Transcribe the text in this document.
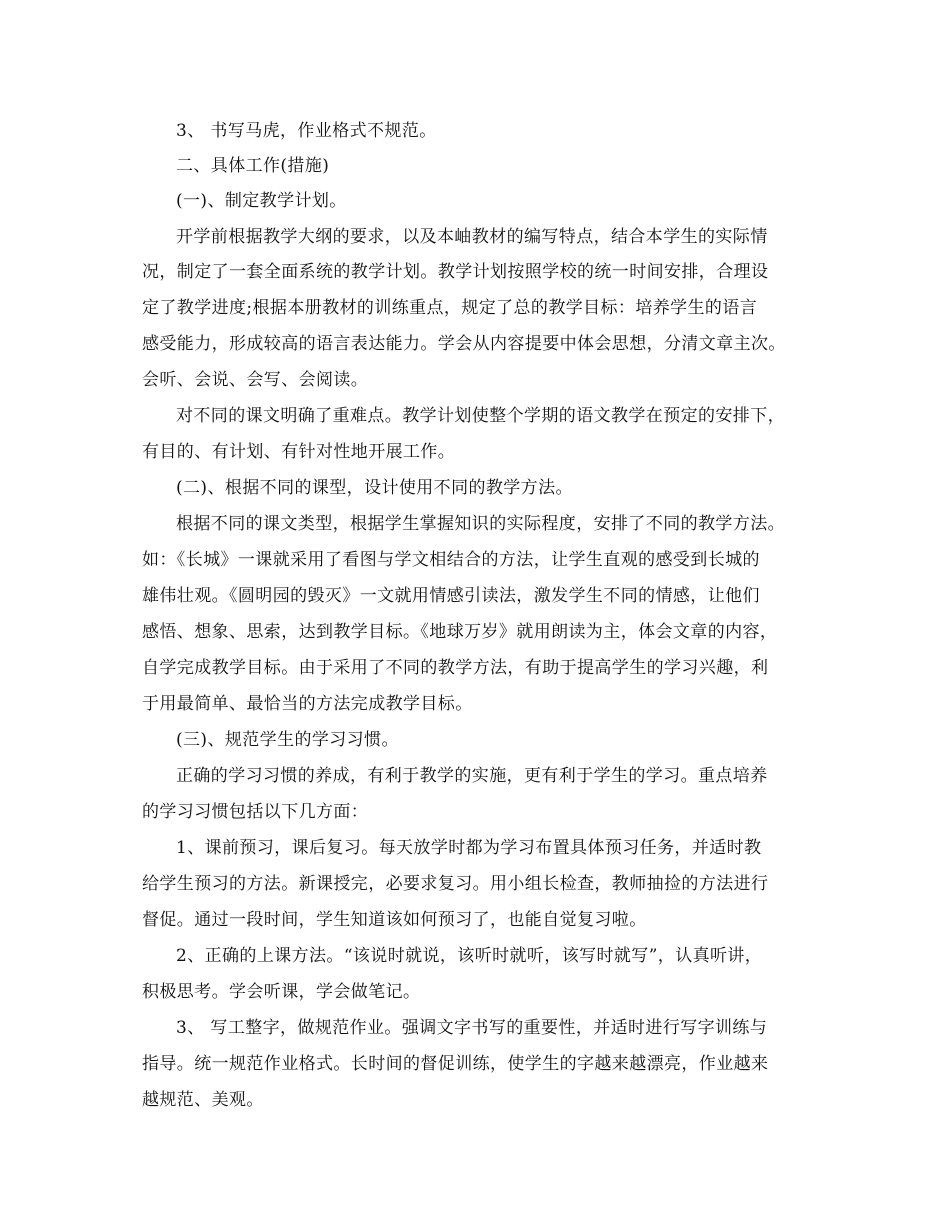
3、 书写马虎，作业格式不规范。
二、具体工作(措施)
(一)、制定教学计划。
开学前根据教学大纲的要求，以及本岫教材的编写特点，结合本学生的实际情
况，制定了一套全面系统的教学计划。教学计划按照学校的统一时间安排，合理设
定了教学进度;根据本册教材的训练重点，规定了总的教学目标：培养学生的语言
感受能力，形成较高的语言表达能力。学会从内容提要中体会思想，分清文章主次。
会听、会说、会写、会阅读。
对不同的课文明确了重难点。教学计划使整个学期的语文教学在预定的安排下，
有目的、有计划、有针对性地开展工作。
(二)、根据不同的课型，设计使用不同的教学方法。
根据不同的课文类型，根据学生掌握知识的实际程度，安排了不同的教学方法。
如：《长城》一课就采用了看图与学文相结合的方法，让学生直观的感受到长城的
雄伟壮观。《圆明园的毁灭》一文就用情感引读法，激发学生不同的情感，让他们
感悟、想象、思索，达到教学目标。《地球万岁》就用朗读为主，体会文章的内容，
自学完成教学目标。由于采用了不同的教学方法，有助于提高学生的学习兴趣，利
于用最简单、最恰当的方法完成教学目标。
(三)、规范学生的学习习惯。
正确的学习习惯的养成，有利于教学的实施，更有利于学生的学习。重点培养
的学习习惯包括以下几方面：
1、课前预习，课后复习。每天放学时都为学习布置具体预习任务，并适时教
给学生预习的方法。新课授完，必要求复习。用小组长检查，教师抽捡的方法进行
督促。通过一段时间，学生知道该如何预习了，也能自觉复习啦。
2、正确的上课方法。“该说时就说，该听时就听，该写时就写”，认真听讲，
积极思考。学会听课，学会做笔记。
3、 写工整字，做规范作业。强调文字书写的重要性，并适时进行写字训练与
指导。统一规范作业格式。长时间的督促训练，使学生的字越来越漂亮，作业越来
越规范、美观。
